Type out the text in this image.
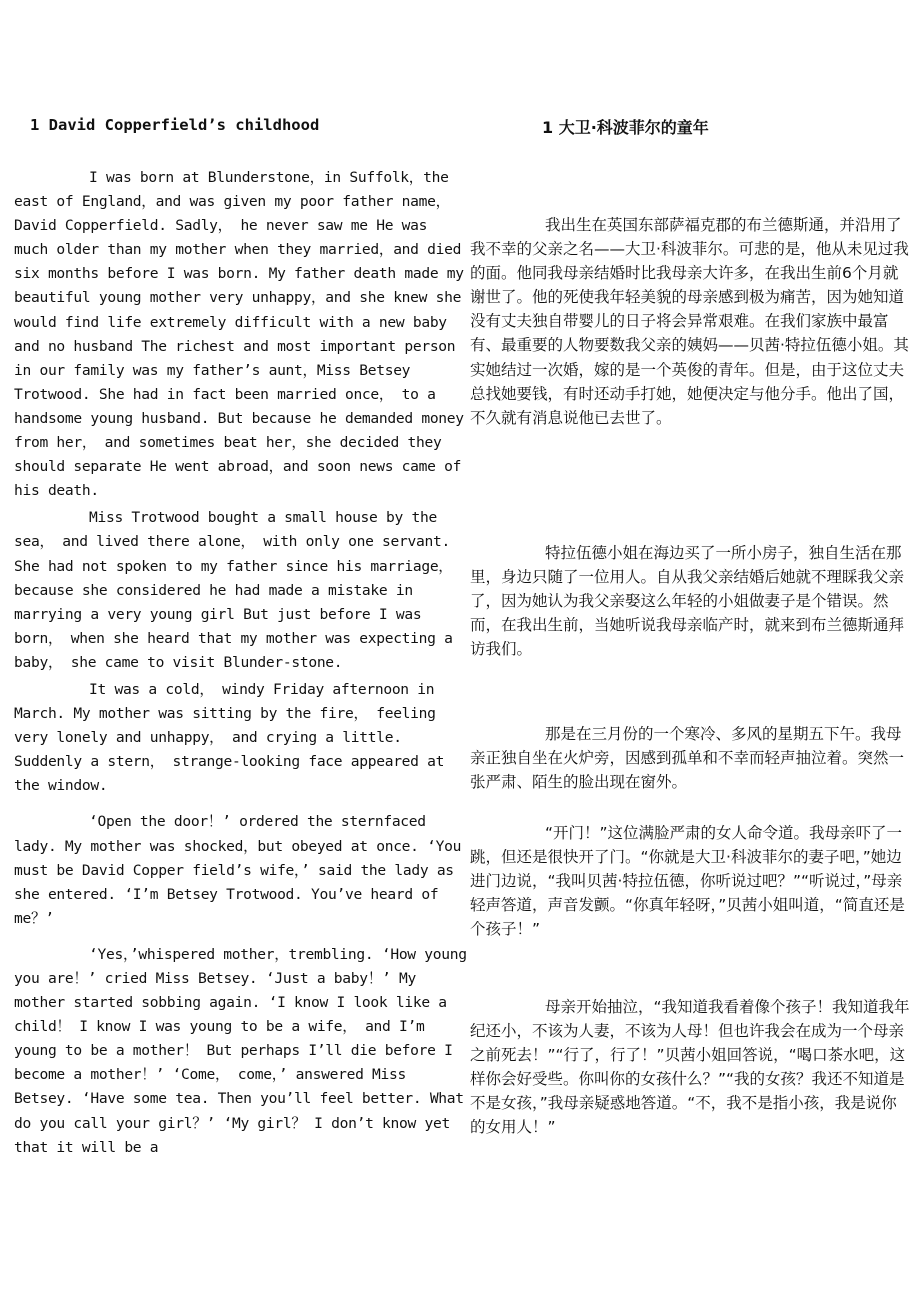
1 David Copperfield’s childhood	1 大卫·科波菲尔的童年

I was born at Blunderstone，in Suffolk，the east of England，and was given my poor father name，David Copperfield. Sadly， he never saw me He was much older than my mother when they married，and died six months before I was born. My father death made my beautiful young mother very unhappy，and she knew she would find life extremely difficult with a new baby and no husband The richest and most important person in our family was my father’s aunt，Miss Betsey Trotwood. She had in fact been married once， to a handsome young husband. But because he demanded money from her， and sometimes beat her，she decided they should separate He went abroad，and soon news came of his death.

Miss Trotwood bought a small house by the sea， and lived there alone， with only one servant. She had not spoken to my father since his marriage， because she considered he had made a mistake in marrying a very young girl But just before I was born， when she heard that my mother was expecting a baby， she came to visit Blunder-stone.

It was a cold， windy Friday afternoon in March. My mother was sitting by the fire， feeling very lonely and unhappy， and crying a little. Suddenly a stern， strange-looking face appeared at the window.

‘Open the door！’ ordered the sternfaced lady. My mother was shocked，but obeyed at once. ‘You must be David Copper field’s wife，’ said the lady as she entered. ‘I’m Betsey Trotwood. You’ve heard of me？’

‘Yes，’whispered mother，trembling. ‘How young you are！’ cried Miss Betsey. ‘Just a baby！’ My mother started sobbing again. ‘I know I look like a child！ I know I was young to be a wife， and I’m young to be a mother！ But perhaps I’ll die before I become a mother！’ ‘Come， come，’ answered Miss Betsey. ‘Have some tea. Then you’ll feel better. What do you call your girl？’ ‘My girl？ I don’t know yet that it will be a

我出生在英国东部萨福克郡的布兰德斯通，并沿用了我不幸的父亲之名——大卫·科波菲尔。可悲的是，他从未见过我的面。他同我母亲结婚时比我母亲大许多，在我出生前6个月就谢世了。他的死使我年轻美貌的母亲感到极为痛苦，因为她知道没有丈夫独自带婴儿的日子将会异常艰难。在我们家族中最富有、最重要的人物要数我父亲的姨妈——贝茜·特拉伍德小姐。其实她结过一次婚，嫁的是一个英俊的青年。但是，由于这位丈夫总找她要钱，有时还动手打她，她便决定与他分手。他出了国，不久就有消息说他已去世了。

特拉伍德小姐在海边买了一所小房子，独自生活在那里，身边只随了一位用人。自从我父亲结婚后她就不理睬我父亲了，因为她认为我父亲娶这么年轻的小姐做妻子是个错误。然而，在我出生前，当她听说我母亲临产时，就来到布兰德斯通拜访我们。

那是在三月份的一个寒冷、多风的星期五下午。我母亲正独自坐在火炉旁，因感到孤单和不幸而轻声抽泣着。突然一张严肃、陌生的脸出现在窗外。

“开门！”这位满脸严肃的女人命令道。我母亲吓了一跳，但还是很快开了门。“你就是大卫·科波菲尔的妻子吧，”她边进门边说，“我叫贝茜·特拉伍德，你听说过吧？”“听说过，”母亲轻声答道，声音发颤。“你真年轻呀，”贝茜小姐叫道，“简直还是个孩子！”

母亲开始抽泣，“我知道我看着像个孩子！我知道我年纪还小，不该为人妻，不该为人母！但也许我会在成为一个母亲之前死去！”“行了，行了！”贝茜小姐回答说，“喝口茶水吧，这样你会好受些。你叫你的女孩什么？”“我的女孩？我还不知道是不是女孩，”我母亲疑惑地答道。“不，我不是指小孩，我是说你的女用人！”
